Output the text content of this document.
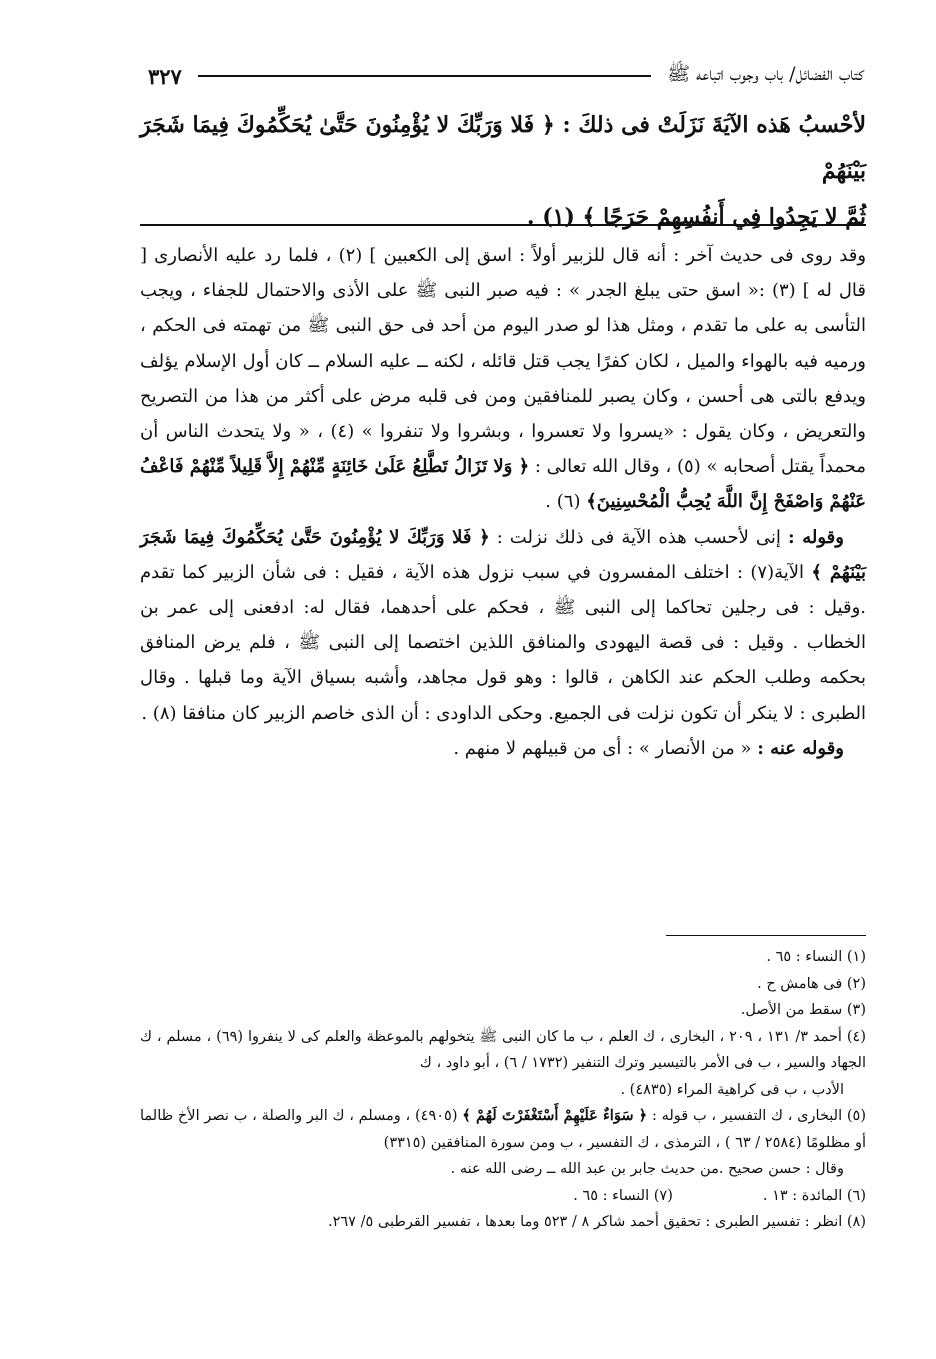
كتاب الفضائل/ باب وجوب اتباعه ﷺ
٣٢٧

لأحْسبُ هَذه الآيَةَ نَزَلَتْ فى ذلكَ : ﴿ فَلا وَرَبِّكَ لا يُؤْمِنُونَ حَتَّىٰ يُحَكِّمُوكَ فِيمَا شَجَرَ بَيْنَهُمْ

ثُمَّ لا يَجِدُوا فِي أَنفُسِهِمْ حَرَجًا ﴾ (١) .

وقد روى فى حديث آخر : أنه قال للزبير أولاً : اسق إلى الكعبين ] (٢) ، فلما رد عليه الأنصارى [ قال له ] (٣) :« اسق حتى يبلغ الجدر » : فيه صبر النبى ﷺ على الأذى والاحتمال للجفاء ، ويجب التأسى به على ما تقدم ، ومثل هذا لو صدر اليوم من أحد فى حق النبى ﷺ من تهمته فى الحكم ، ورميه فيه بالهواء والميل ، لكان كفرًا يجب قتل قائله ، لكنه ــ عليه السلام ــ كان أول الإسلام يؤلف ويدفع بالتى هى أحسن ، وكان يصبر للمنافقين ومن فى قلبه مرض على أكثر من هذا من التصريح والتعريض ، وكان يقول : «يسروا ولا تعسروا ، وبشروا ولا تنفروا » (٤) ، « ولا يتحدث الناس أن محمداً يقتل أصحابه » (٥) ، وقال الله تعالى : ﴿ وَلا تَزَالُ تَطَّلِعُ عَلَىٰ خَائِنَةٍ مِّنْهُمْ إِلاَّ قَلِيلاً مِّنْهُمْ فَاعْفُ عَنْهُمْ وَاصْفَحْ إِنَّ اللَّهَ يُحِبُّ الْمُحْسِنِينَ﴾ (٦) .

وقوله : إنى لأحسب هذه الآية فى ذلك نزلت : ﴿ فَلا وَرَبِّكَ لا يُؤْمِنُونَ حَتَّىٰ يُحَكِّمُوكَ فِيمَا شَجَرَ بَيْنَهُمْ ﴾ الآية(٧) : اختلف المفسرون في سبب نزول هذه الآية ، فقيل : فى شأن الزبير كما تقدم .وقيل : فى رجلين تحاكما إلى النبى ﷺ ، فحكم على أحدهما، فقال له: ادفعنى إلى عمر بن الخطاب . وقيل : فى قصة اليهودى والمنافق اللذين اختصما إلى النبى ﷺ ، فلم يرض المنافق بحكمه وطلب الحكم عند الكاهن ، قالوا : وهو قول مجاهد، وأشبه بسياق الآية وما قبلها . وقال الطبرى : لا ينكر أن تكون نزلت فى الجميع. وحكى الداودى : أن الذى خاصم الزبير كان منافقا (٨) .

وقوله عنه : « من الأنصار » : أى من قبيلهم لا منهم .

(١) النساء : ٦٥ .

(٢) فى هامش ح .

(٣) سقط من الأصل.

(٤) أحمد ٣/ ١٣١ ، ٢٠٩ ، البخارى ، ك العلم ، ب ما كان النبى ﷺ يتخولهم بالموعظة والعلم كى لا ينفروا (٦٩) ، مسلم ، ك الجهاد والسير ، ب فى الأمر بالتيسير وترك التنفير (١٧٣٢ / ٦) ، أبو داود ، ك

الأدب ، ب فى كراهية المراء (٤٨٣٥) .

(٥) البخارى ، ك التفسير ، ب قوله : ﴿ سَوَاءٌ عَلَيْهِمْ أَسْتَغْفَرْتَ لَهُمْ ﴾ (٤٩٠٥) ، ومسلم ، ك البر والصلة ، ب نصر الأخ ظالما أو مظلومًا (٢٥٨٤ / ٦٣ ) ، الترمذى ، ك التفسير ، ب ومن سورة المنافقين (٣٣١٥)

وقال : حسن صحيح .من حديث جابر بن عبد الله ــ رضى الله عنه .

(٦) المائدة : ١٣ .
(٧) النساء : ٦٥ .

(٨) انظر : تفسير الطبرى : تحقيق أحمد شاكر ٨ / ٥٢٣ وما بعدها ، تفسير القرطبى ٥/ ٢٦٧.
